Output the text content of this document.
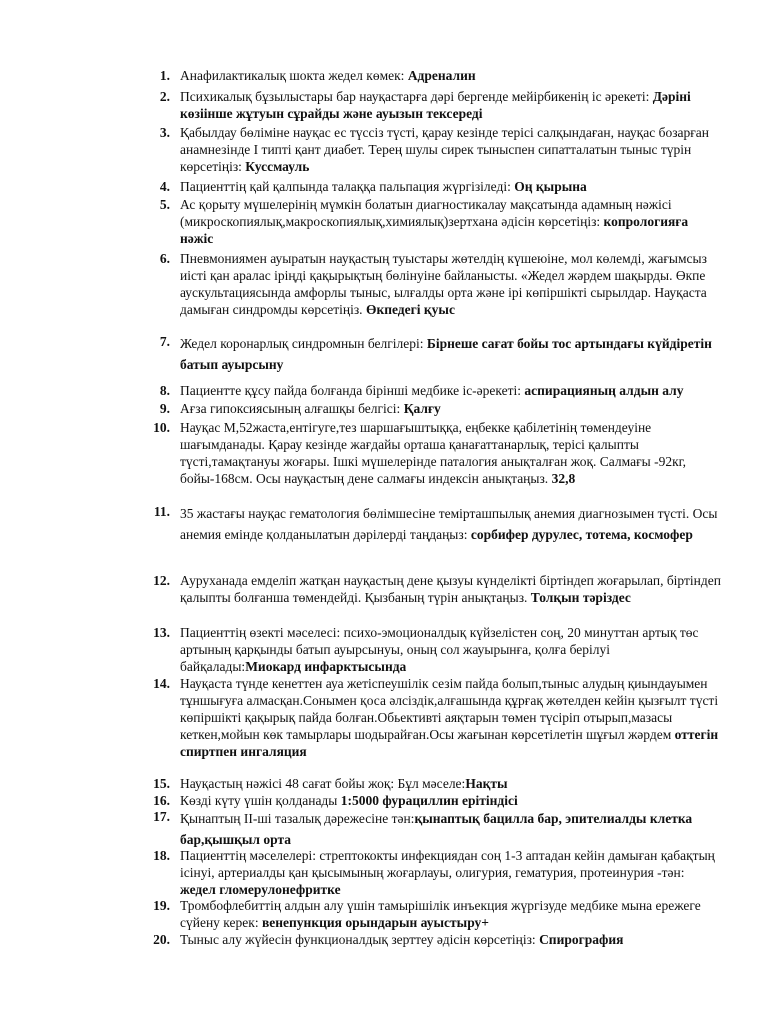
1. Анафилактикалық шокта жедел көмек: Адреналин
2. Психикалық бұзылыстары бар науқастарға дәрі бергенде мейірбикенің іс әрекеті: Дәріні көзіінше жұтуын сұрайды және ауызын тексереді
3. Қабылдау бөліміне науқас ес түссіз түсті, қарау кезінде терісі салқындаған, науқас бозарған анамнезінде I типті қант диабет. Терең шулы сирек тыныспен сипатталатын тыныс түрін көрсетіңіз: Куссмауль
4. Пациенттің қай қалпында талаққа пальпация жүргізіледі: Оң қырына
5. Ас қорыту мүшелерінің мүмкін болатын диагностикалау мақсатында адамның нәжісі (микроскопиялық,макроскопиялық,химиялық)зертхана әдісін көрсетіңіз: копрологияға нәжіс
6. Пневмониямен ауыратын науқастың туыстары жөтелдің күшеюіне, мол көлемді, жағымсыз иісті қан аралас іріңді қақырықтың бөлінуіне байланысты. «Жедел жәрдем шақырды. Өкпе аускультациясында амфорлы тыныс, ылғалды орта және ірі көпіршікті сырылдар. Науқаста дамыған синдромды көрсетіңіз. Өкпедегі қуыс
7. Жедел коронарлық синдромнын белгілері: Бірнеше сағат бойы тос артындағы күйдіретін батып ауырсыну
8. Пациентте құсу пайда болғанда бірінші медбике іс-әрекеті: аспирацияның алдын алу
9. Ағза гипоксиясының алғашқы белгісі: Қалғу
10. Науқас М,52жаста,ентігуге,тез шаршағыштыққа, еңбекке қабілетінің төмендеуіне шағымданады. Қарау кезінде жағдайы орташа қанағаттанарлық, терісі қалыпты түсті,тамақтануы жоғары. Ішкі мүшелерінде паталогия анықталған жоқ. Салмағы -92кг, бойы-168см. Осы науқастың дене салмағы индексін анықтаңыз. 32,8
11. 35 жастағы науқас гематология бөлімшесіне темірташпылық анемия диагнозымен түсті. Осы анемия емінде қолданылатын дәрілерді таңдаңыз: сорбифер дурулес, тотема, космофер
12. Ауруханада емделіп жатқан науқастың дене қызуы күнделікті біртіндеп жоғарылап, біртіндеп қалыпты болғанша төмендейді. Қызбаның түрін анықтаңыз. Толқын тәріздес
13. Пациенттің өзекті мәселесі: психо-эмоционалдық күйзелістен соң, 20 минуттан артық төс артының қарқынды батып ауырсынуы, оның сол жауырынға, қолға берілуі байқалады:Миокард инфарктысында
14. Науқаста түнде кенеттен ауа жетіспеушілік сезім пайда болып,тыныс алудың қиындауымен тұншығуға алмасқан.Сонымен қоса әлсіздік,алғашында құрғақ жөтелден кейін қызғылт түсті көпіршікті қақырық пайда болған.Обьективті аяқтарын төмен түсіріп отырып,мазасы кеткен,мойын көк тамырлары шодырайған.Осы жағынан көрсетілетін шұғыл жәрдем оттегін спиртпен ингаляция
15. Науқастың нәжісі 48 сағат бойы жоқ: Бұл мәселе:Нақты
16. Көзді күту үшін қолданады 1:5000 фурациллин ерітіндісі
17. Қынаптың ІІ-ші тазалық дәрежесіне тән:қынаптық бацилла бар, эпителиалды клетка бар,қышқыл орта
18. Пациенттің мәселелері: стрептококты инфекциядан соң 1-3 аптадан кейін дамыған қабақтың ісінуі, артериалды қан қысымының жоғарлауы, олигурия, гематурия, протеинурия -тән: жедел гломерулонефритке
19. Тромбофлебиттің алдын алу үшін тамырішілік инъекция жүргізуде медбике мына ережеге сүйену керек: венепункция орындарын ауыстыру+
20. Тыныс алу жүйесін функционалдық зерттеу әдісін көрсетіңіз: Спирография
